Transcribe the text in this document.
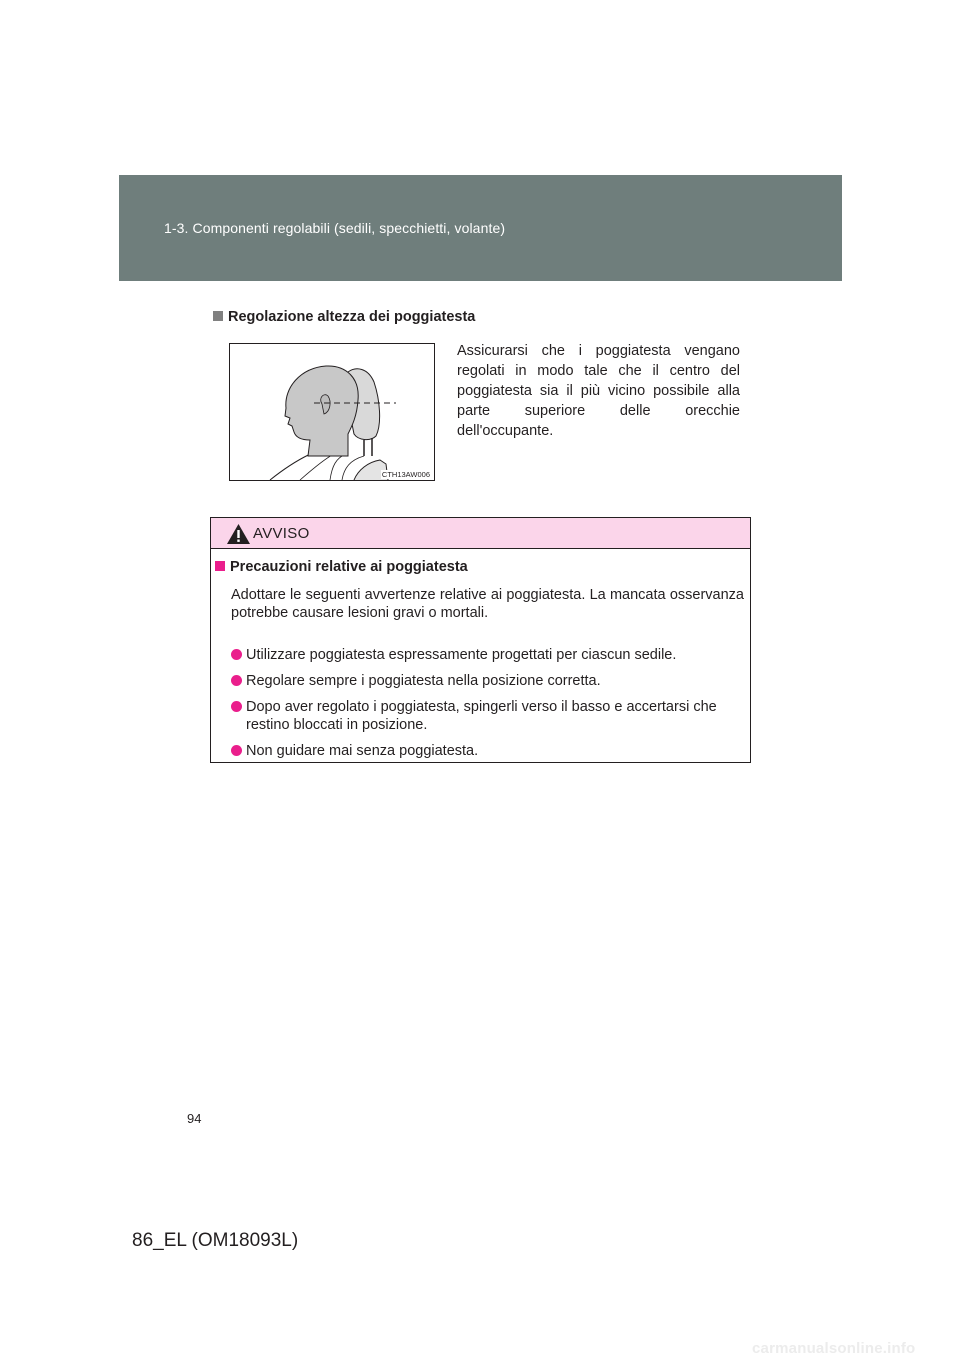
1-3. Componenti regolabili (sedili, specchietti, volante)
Regolazione altezza dei poggiatesta
CTH13AW006
Assicurarsi che i poggiatesta vengano regolati in modo tale che il centro del poggiatesta sia il più vicino possibile alla parte superiore delle orecchie dell'occupante.
AVVISO
Precauzioni relative ai poggiatesta
Adottare le seguenti avvertenze relative ai poggiatesta. La mancata osservanza potrebbe causare lesioni gravi o mortali.
Utilizzare poggiatesta espressamente progettati per ciascun sedile.
Regolare sempre i poggiatesta nella posizione corretta.
Dopo aver regolato i poggiatesta, spingerli verso il basso e accertarsi che restino bloccati in posizione.
Non guidare mai senza poggiatesta.
94
86_EL (OM18093L)
carmanualsonline.info
